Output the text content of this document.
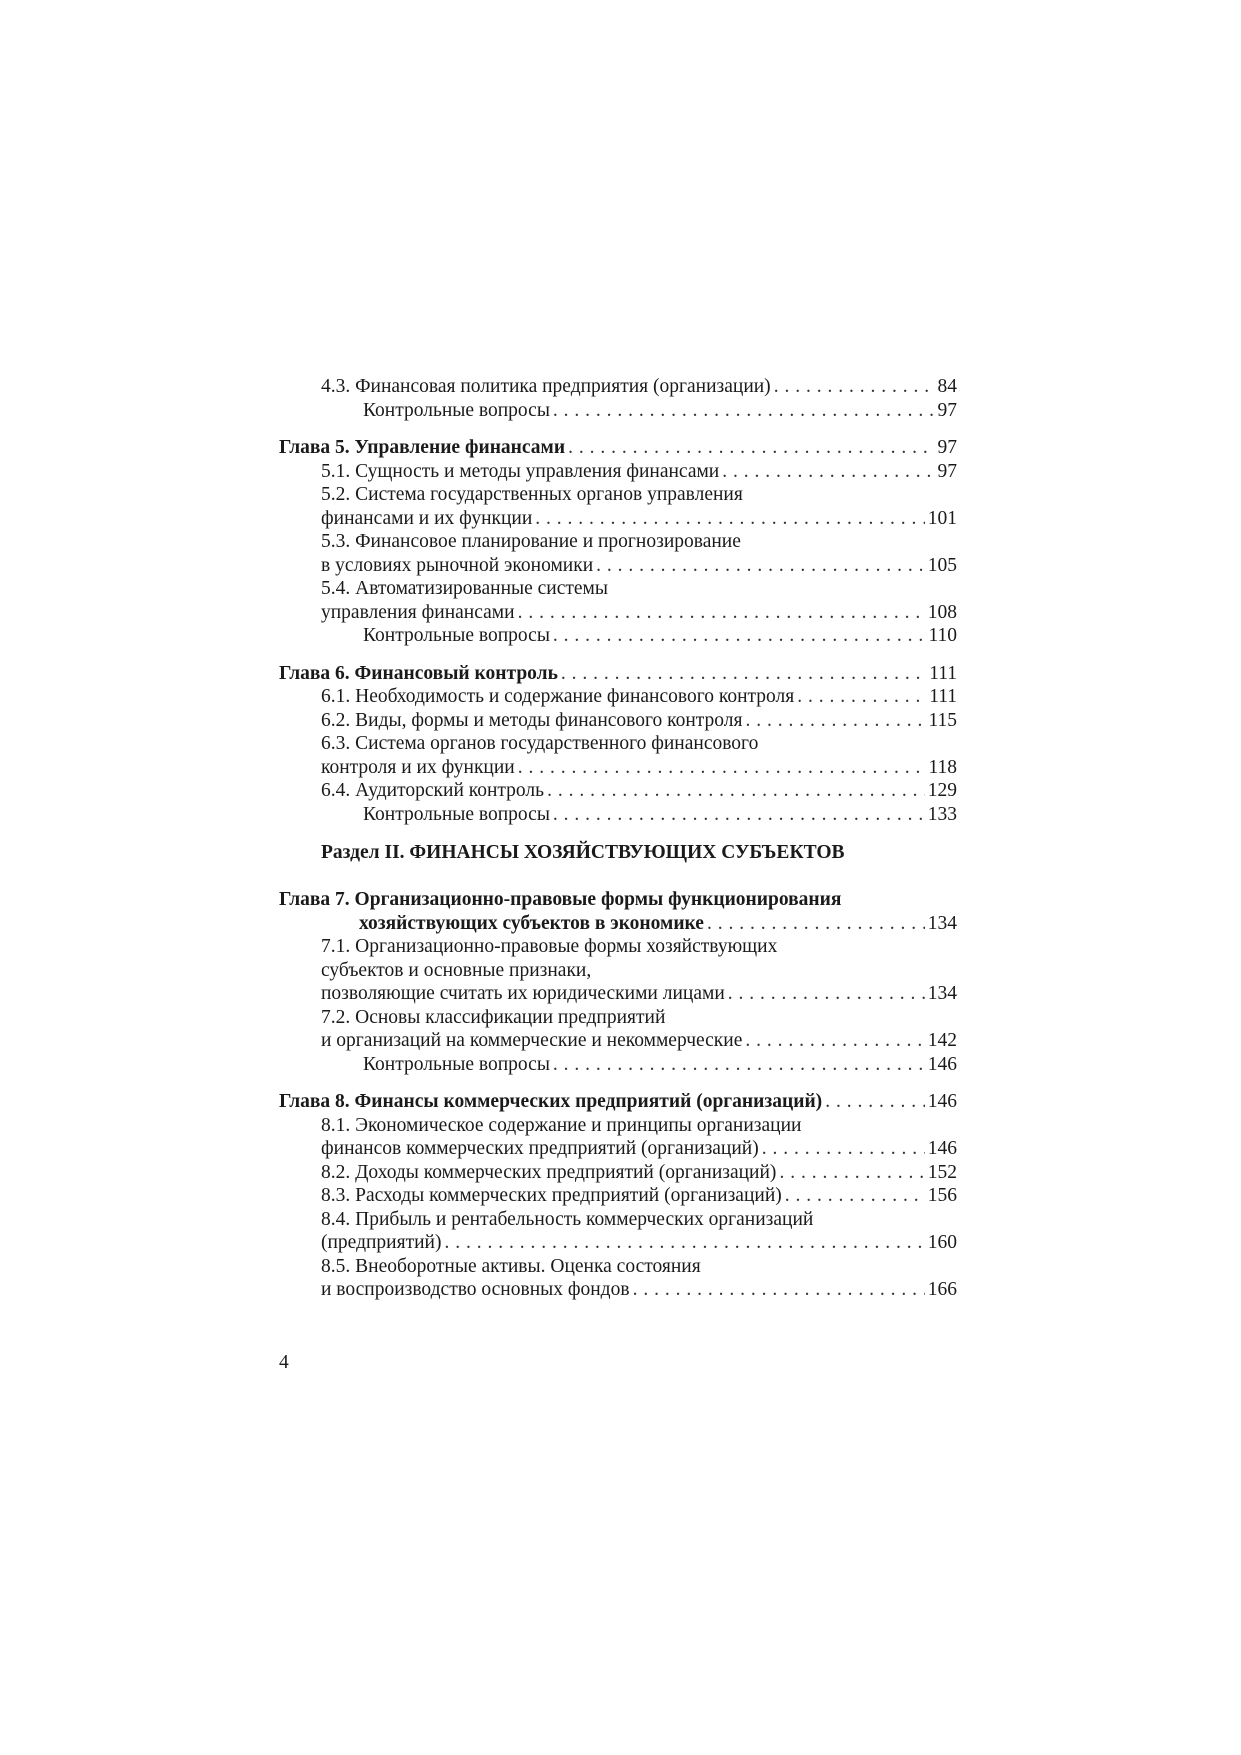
4.3. Финансовая политика предприятия (организации) . . .	84
Контрольные вопросы . . .	97
Глава 5. Управление финансами . . .	97
5.1. Сущность и методы управления финансами . . .	97
5.2. Система государственных органов управления
финансами и их функции . . .	101
5.3. Финансовое планирование и прогнозирование
в условиях рыночной экономики . . .	105
5.4. Автоматизированные системы
управления финансами . . .	108
Контрольные вопросы . . .	110
Глава 6. Финансовый контроль . . .	111
6.1. Необходимость и содержание финансового контроля . . .	111
6.2. Виды, формы и методы финансового контроля . . .	115
6.3. Система органов государственного финансового
контроля и их функции . . .	118
6.4. Аудиторский контроль . . .	129
Контрольные вопросы . . .	133
Раздел II. ФИНАНСЫ ХОЗЯЙСТВУЮЩИХ СУБЪЕКТОВ
Глава 7. Организационно-правовые формы функционирования
хозяйствующих субъектов в экономике . . .	134
7.1. Организационно-правовые формы хозяйствующих
субъектов и основные признаки,
позволяющие считать их юридическими лицами . . .	134
7.2. Основы классификации предприятий
и организаций на коммерческие и некоммерческие . . .	142
Контрольные вопросы . . .	146
Глава 8. Финансы коммерческих предприятий (организаций) . . .	146
8.1. Экономическое содержание и принципы организации
финансов коммерческих предприятий (организаций) . . .	146
8.2. Доходы коммерческих предприятий (организаций) . . .	152
8.3. Расходы коммерческих предприятий (организаций) . . .	156
8.4. Прибыль и рентабельность коммерческих организаций
(предприятий) . . .	160
8.5. Внеоборотные активы. Оценка состояния
и воспроизводство основных фондов . . .	166
4
